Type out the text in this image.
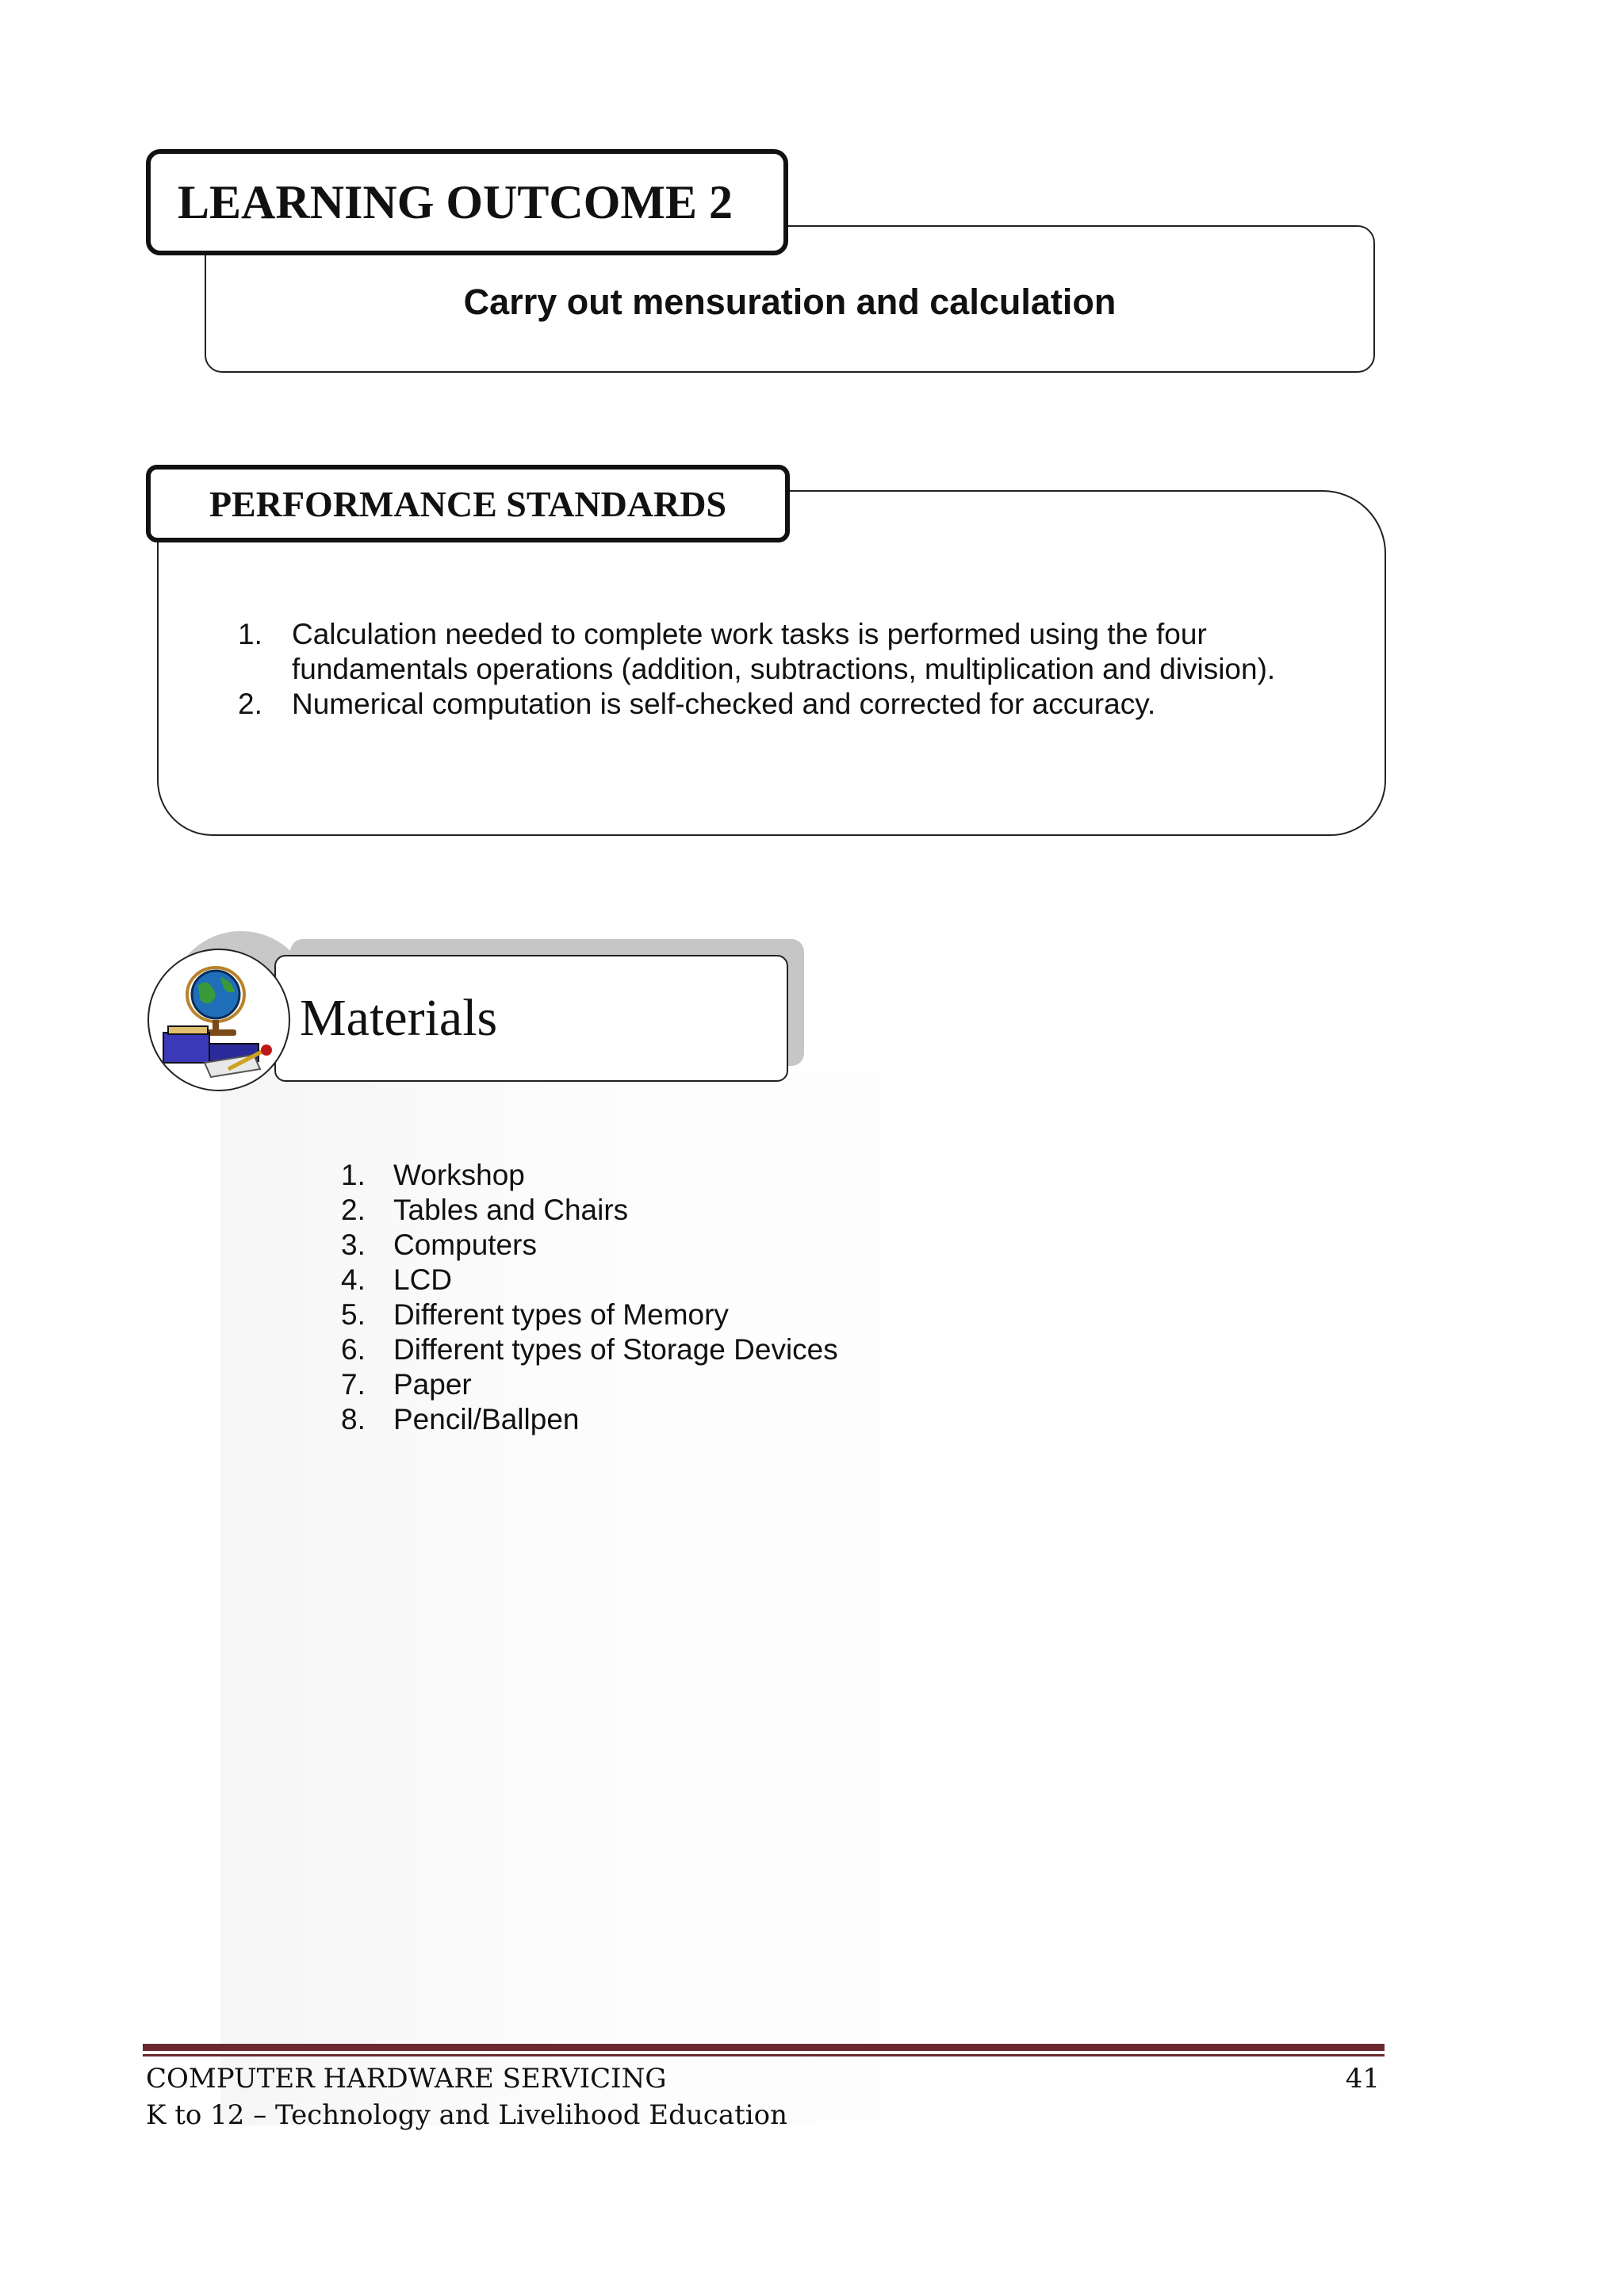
LEARNING OUTCOME 2
Carry out mensuration and calculation
PERFORMANCE STANDARDS
1.	Calculation needed to complete work tasks is performed using the four
fundamentals operations (addition, subtractions, multiplication and division).
2.	Numerical computation is self-checked and corrected for accuracy.
Materials
1. Workshop
2. Tables and Chairs
3. Computers
4. LCD
5. Different types of Memory
6. Different types of Storage Devices
7. Paper
8. Pencil/Ballpen
COMPUTER HARDWARE SERVICING
K to 12 – Technology and Livelihood Education
41
